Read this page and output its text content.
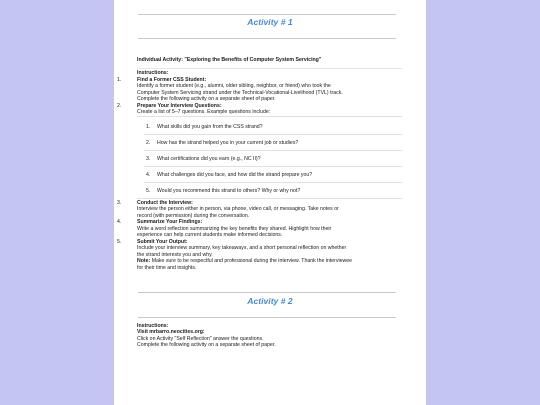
Activity # 1
Individual Activity: "Exploring the Benefits of Computer System Servicing"
Instructions:
1.	Find a Former CSS Student:
Identify a former student (e.g., alumni, older sibling, neighbor, or friend) who took the
Computer System Servicing strand under the Technical-Vocational-Livelihood (TVL) track.
Complete the following activity on a separate sheet of paper.
2.	Prepare Your Interview Questions:
Create a list of 5–7 questions. Example questions include:
1. What skills did you gain from the CSS strand?
2. How has the strand helped you in your current job or studies?
3. What certifications did you earn (e.g., NC II)?
4. What challenges did you face, and how did the strand prepare you?
5. Would you recommend this strand to others? Why or why not?
3.	Conduct the Interview:
Interview the person either in person, via phone, video call, or messaging. Take notes or
record (with permission) during the conversation.
4.	Summarize Your Findings:
Write a word reflection summarizing the key benefits they shared. Highlight how their
experience can help current students make informed decisions.
5.	Submit Your Output:
Include your interview summary, key takeaways, and a short personal reflection on whether
the strand interests you and why.
Note: Make sure to be respectful and professional during the interview. Thank the interviewee
for their time and insights.
Activity # 2
Instructions:
Visit mrbarro.neocities.org:
Click on Activity "Self Reflection" answer the questions.
Complete the following activity on a separate sheet of paper.
